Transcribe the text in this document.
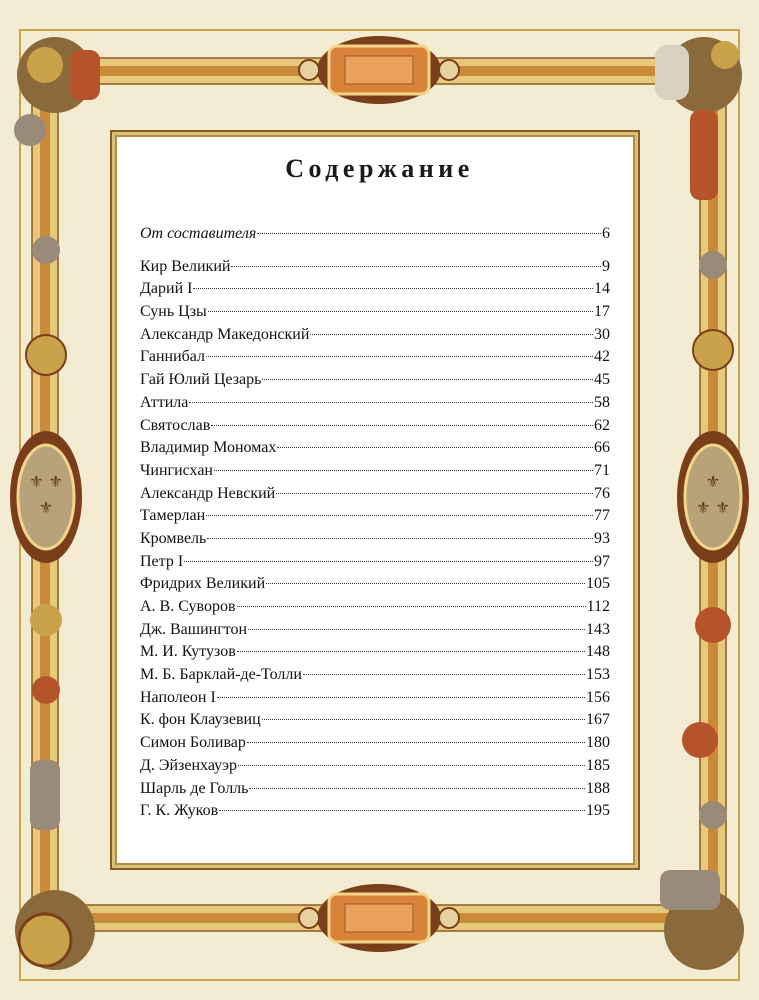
⚜ ⚜
⚜
⚜
⚜ ⚜
Содержание
От составителя	6
Кир Великий	9
Дарий I	14
Сунь Цзы	17
Александр Македонский	30
Ганнибал	42
Гай Юлий Цезарь	45
Аттила	58
Святослав	62
Владимир Мономах	66
Чингисхан	71
Александр Невский	76
Тамерлан	77
Кромвель	93
Петр I	97
Фридрих Великий	105
А. В. Суворов	112
Дж. Вашингтон	143
М. И. Кутузов	148
М. Б. Барклай-де-Толли	153
Наполеон I	156
К. фон Клаузевиц	167
Симон Боливар	180
Д. Эйзенхауэр	185
Шарль де Голль	188
Г. К. Жуков	195
